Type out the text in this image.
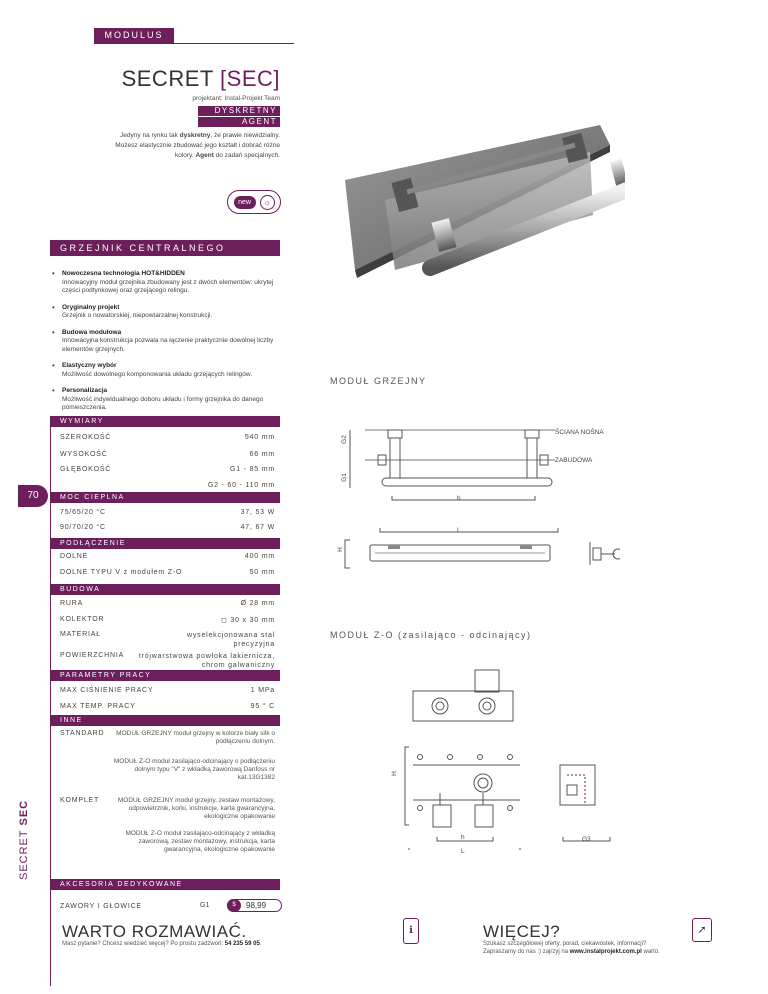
MODULUS
SECRET [SEC]
projektant: Instal-Projekt Team
DYSKRETNY
AGENT
Jedyny na rynku tak dyskretny, że prawie niewidzialny. Możesz elastycznie zbudować jego kształt i dobrać różne kolory. Agent do zadań specjalnych.
new	☼
GRZEJNIK CENTRALNEGO OGRZEWANIA
• Nowoczesna technologia HOT&HIDDEN
Innowacyjny moduł grzejnika zbudowany jest z dwóch elementów: ukrytej części podtynkowej oraz grzejącego relingu.
• Oryginalny projekt
Grzejnik o nowatorskiej, niepowtarzalnej konstrukcji.
• Budowa modułowa
Innowacyjna konstrukcja pozwala na łączenie praktycznie dowolnej liczby elementów grzejnych.
• Elastyczny wybór
Możliwość dowolnego komponowania układu grzejących relingów.
• Personalizacja
Możliwość indywidualnego doboru układu i formy grzejnika do danego pomieszczenia.
WYMIARY
SZEROKOŚĆ	540 mm
WYSOKOŚĆ	66 mm
GŁĘBOKOŚĆ	G1 - 85 mm
G2 - 60 - 110 mm
70	MOC CIEPLNA
75/65/20 °C	37, 53 W
90/70/20 °C	47, 67 W
PODŁĄCZENIE
DOLNE	400 mm
DOLNE TYPU V z modułem Z-O	50 mm
BUDOWA
RURA	Ø 28 mm
KOLEKTOR	◻ 30 x 30 mm
MATERIAŁ	wyselekcjonowana stal precyzyjna
POWIERZCHNIA	trójwarstwowa powłoka lakiernicza, chrom galwaniczny
PARAMETRY PRACY
MAX CIŚNIENIE PRACY	1 MPa
MAX TEMP. PRACY	95 ° C
INNE
STANDARD	MODUŁ GRZEJNY moduł grzejny w kolorze biały silk o podłączeniu dolnym.
MODUŁ Z-O moduł zasilająco-odcinający o podłączeniu dolnym typu "V" z wkładką zaworową Danfoss nr kat.13G1382
KOMPLET	MODUŁ GRZEJNY moduł grzejny, zestaw montażowy, odpowietrznik, korki, instrukcje, karta gwarancyjna, ekologiczne opakowanie
MODUŁ Z-O moduł zasilająco-odcinający z wkładką zaworową, zestaw montażowy, instrukcja, karta gwarancyjna, ekologiczne opakowanie
AKCESORIA DEDYKOWANE
ZAWORY I GŁOWICE	G1	$	98,99
SECRET SEC
MODUŁ GRZEJNY
ŚCIANA NOŚNA
ZABUDOWA
G2
G1
h
L
H
MODUŁ Z-O (zasilająco - odcinający)
H
h
L
G3
WARTO ROZMAWIAĆ.
Masz pytanie? Chcesz wiedzieć więcej? Po prostu zadzwoń: 54 235 59 05.
ℹ	WIĘCEJ?
Szukasz szczegółowej oferty, porad, ciekawostek, informacji?
Zapraszamy do nas :) zajrzyj na www.instalprojekt.com.pl warto.
➚
